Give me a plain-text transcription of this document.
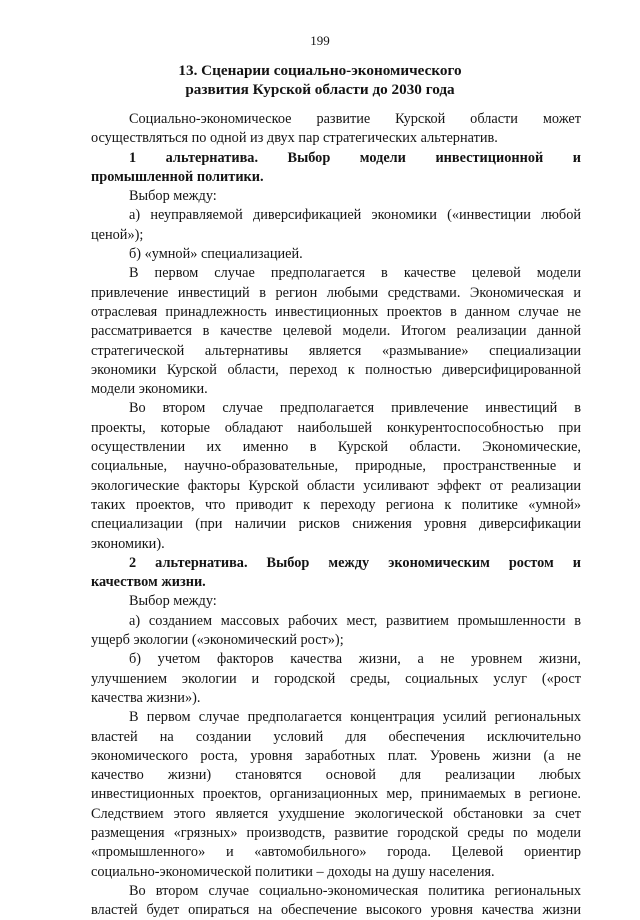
199
13. Сценарии социально-экономического
развития Курской области до 2030 года
Социально-экономическое развитие Курской области может
осуществляться по одной из двух пар стратегических альтернатив.
1 альтернатива. Выбор модели инвестиционной и
промышленной политики.
Выбор между:
а) неуправляемой диверсификацией экономики («инвестиции любой
ценой»);
б) «умной» специализацией.
В первом случае предполагается в качестве целевой модели
привлечение инвестиций в регион любыми средствами. Экономическая и
отраслевая принадлежность инвестиционных проектов в данном случае не
рассматривается в качестве целевой модели. Итогом реализации данной
стратегической альтернативы является «размывание» специализации
экономики Курской области, переход к полностью диверсифицированной
модели экономики.
Во втором случае предполагается привлечение инвестиций в
проекты, которые обладают наибольшей конкурентоспособностью при
осуществлении их именно в Курской области. Экономические,
социальные, научно-образовательные, природные, пространственные и
экологические факторы Курской области усиливают эффект от реализации
таких проектов, что приводит к переходу региона к политике «умной»
специализации (при наличии рисков снижения уровня диверсификации
экономики).
2 альтернатива. Выбор между экономическим ростом и
качеством жизни.
Выбор между:
а) созданием массовых рабочих мест, развитием промышленности в
ущерб экологии («экономический рост»);
б) учетом факторов качества жизни, а не уровнем жизни,
улучшением экологии и городской среды, социальных услуг («рост
качества жизни»).
В первом случае предполагается концентрация усилий региональных
властей на создании условий для обеспечения исключительно
экономического роста, уровня заработных плат. Уровень жизни (а не
качество жизни) становятся основой для реализации любых
инвестиционных проектов, организационных мер, принимаемых в регионе.
Следствием этого является ухудшение экологической обстановки за счет
размещения «грязных» производств, развитие городской среды по модели
«промышленного» и «автомобильного» города. Целевой ориентир
социально-экономической политики – доходы на душу населения.
Во втором случае социально-экономическая политика региональных
властей будет опираться на обеспечение высокого уровня качества жизни
